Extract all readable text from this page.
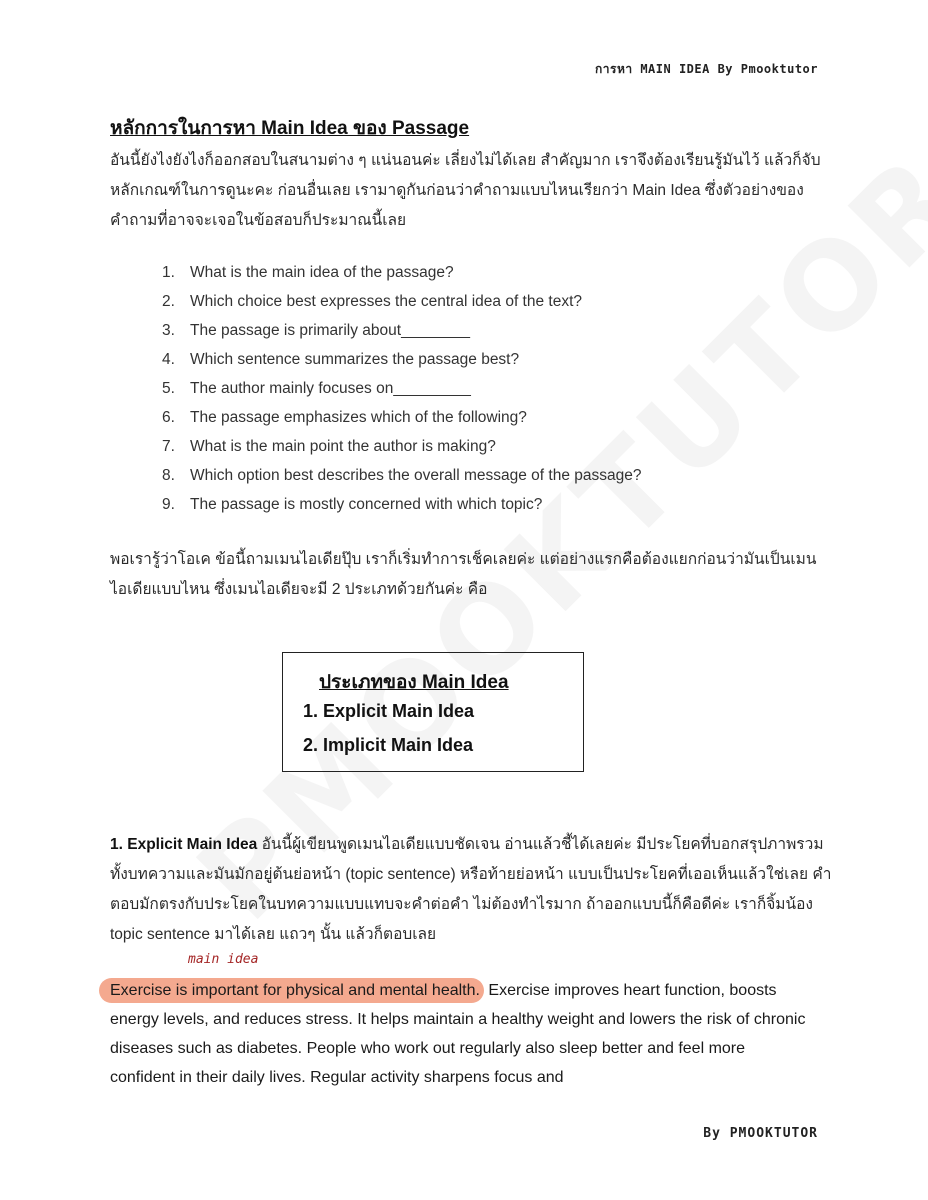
การหา MAIN IDEA By Pmooktutor
หลักการในการหา Main Idea ของ Passage

อันนี้ยังไงยังไงก็ออกสอบในสนามต่าง ๆ แน่นอนค่ะ เลี่ยงไม่ได้เลย สำคัญมาก เราจึงต้องเรียนรู้มันไว้ แล้วก็จับหลักเกณฑ์ในการดูนะคะ ก่อนอื่นเลย เรามาดูกันก่อนว่าคำถามแบบไหนเรียกว่า Main Idea ซึ่งตัวอย่างของคำถามที่อาจจะเจอในข้อสอบก็ประมาณนี้เลย

1. What is the main idea of the passage?
2. Which choice best expresses the central idea of the text?
3. The passage is primarily about________
4. Which sentence summarizes the passage best?
5. The author mainly focuses on_________
6. The passage emphasizes which of the following?
7. What is the main point the author is making?
8. Which option best describes the overall message of the passage?
9. The passage is mostly concerned with which topic?

พอเรารู้ว่าโอเค ข้อนี้ถามเมนไอเดียปุ๊บ เราก็เริ่มทำการเช็คเลยค่ะ แต่อย่างแรกคือต้องแยกก่อนว่ามันเป็นเมนไอเดียแบบไหน ซึ่งเมนไอเดียจะมี 2 ประเภทด้วยกันค่ะ คือ

ประเภทของ Main Idea
1. Explicit Main Idea
2. Implicit Main Idea

1. Explicit Main Idea อันนี้ผู้เขียนพูดเมนไอเดียแบบชัดเจน อ่านแล้วชี้ได้เลยค่ะ มีประโยคที่บอกสรุปภาพรวมทั้งบทความและมันมักอยู่ต้นย่อหน้า (topic sentence) หรือท้ายย่อหน้า แบบเป็นประโยคที่เออเห็นแล้วใช่เลย คำตอบมักตรงกับประโยคในบทความแบบแทบจะคำต่อคำ ไม่ต้องทำไรมาก ถ้าออกแบบนี้ก็คือดีค่ะ เราก็จิ้มน้อง topic sentence มาได้เลย แถวๆ นั้น แล้วก็ตอบเลย

main idea

Exercise is important for physical and mental health. Exercise improves heart function, boosts energy levels, and reduces stress. It helps maintain a healthy weight and lowers the risk of chronic diseases such as diabetes. People who work out regularly also sleep better and feel more confident in their daily lives. Regular activity sharpens focus and

By PMOOKTUTOR
